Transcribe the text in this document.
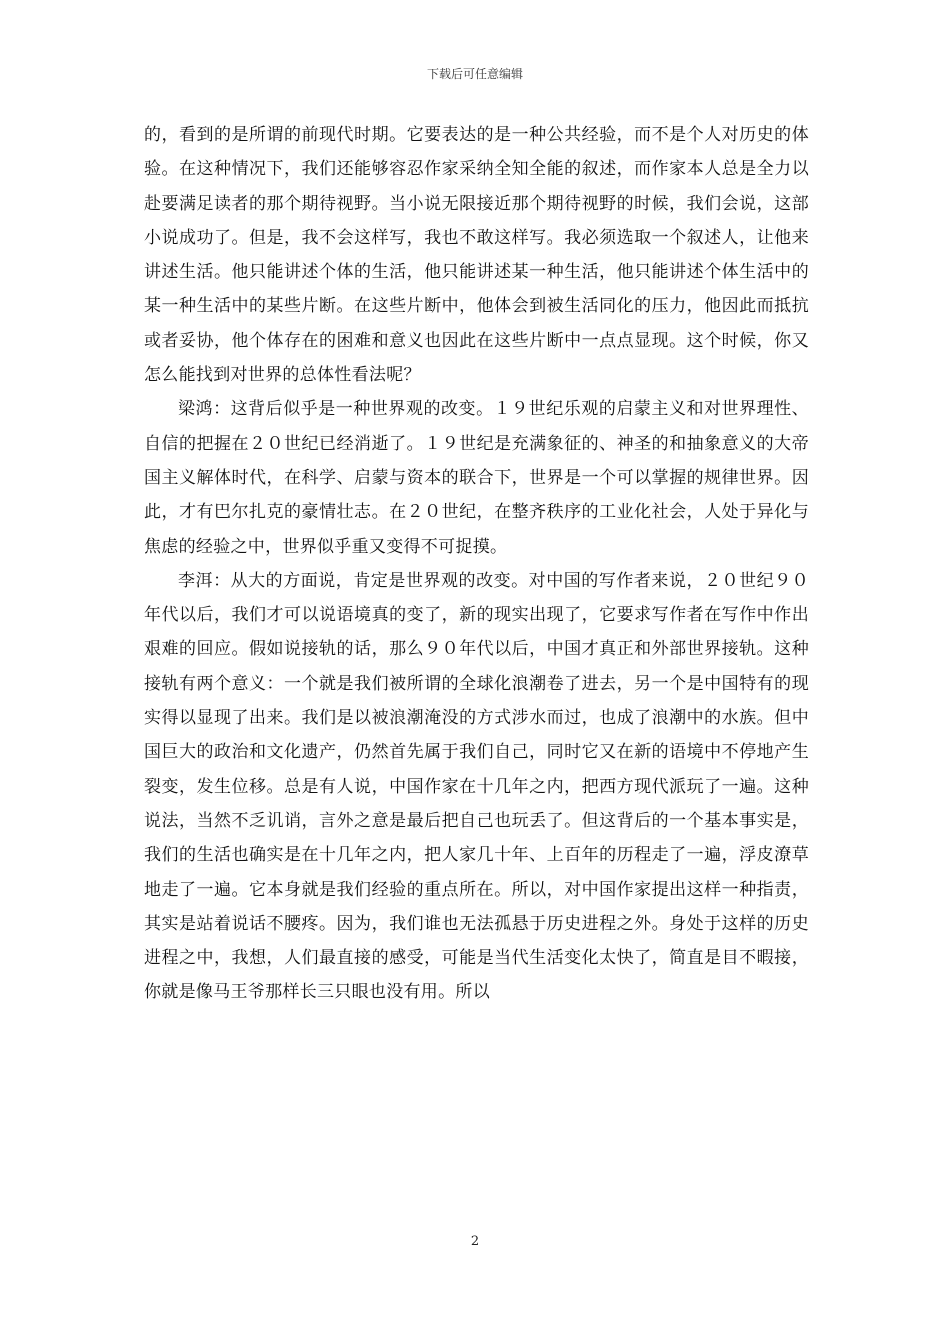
下载后可任意编辑

的，看到的是所谓的前现代时期。它要表达的是一种公共经验，而不是个人对历史的体验。在这种情况下，我们还能够容忍作家采纳全知全能的叙述，而作家本人总是全力以赴要满足读者的那个期待视野。当小说无限接近那个期待视野的时候，我们会说，这部小说成功了。但是，我不会这样写，我也不敢这样写。我必须选取一个叙述人，让他来讲述生活。他只能讲述个体的生活，他只能讲述某一种生活，他只能讲述个体生活中的某一种生活中的某些片断。在这些片断中，他体会到被生活同化的压力，他因此而抵抗或者妥协，他个体存在的困难和意义也因此在这些片断中一点点显现。这个时候，你又怎么能找到对世界的总体性看法呢？

梁鸿：这背后似乎是一种世界观的改变。１９世纪乐观的启蒙主义和对世界理性、自信的把握在２０世纪已经消逝了。１９世纪是充满象征的、神圣的和抽象意义的大帝国主义解体时代，在科学、启蒙与资本的联合下，世界是一个可以掌握的规律世界。因此，才有巴尔扎克的豪情壮志。在２０世纪，在整齐秩序的工业化社会，人处于异化与焦虑的经验之中，世界似乎重又变得不可捉摸。

李洱：从大的方面说，肯定是世界观的改变。对中国的写作者来说，２０世纪９０年代以后，我们才可以说语境真的变了，新的现实出现了，它要求写作者在写作中作出艰难的回应。假如说接轨的话，那么９０年代以后，中国才真正和外部世界接轨。这种接轨有两个意义：一个就是我们被所谓的全球化浪潮卷了进去，另一个是中国特有的现实得以显现了出来。我们是以被浪潮淹没的方式涉水而过，也成了浪潮中的水族。但中国巨大的政治和文化遗产，仍然首先属于我们自己，同时它又在新的语境中不停地产生裂变，发生位移。总是有人说，中国作家在十几年之内，把西方现代派玩了一遍。这种说法，当然不乏讥诮，言外之意是最后把自己也玩丢了。但这背后的一个基本事实是，我们的生活也确实是在十几年之内，把人家几十年、上百年的历程走了一遍，浮皮潦草地走了一遍。它本身就是我们经验的重点所在。所以，对中国作家提出这样一种指责，其实是站着说话不腰疼。因为，我们谁也无法孤悬于历史进程之外。身处于这样的历史进程之中，我想，人们最直接的感受，可能是当代生活变化太快了，简直是目不暇接，你就是像马王爷那样长三只眼也没有用。所以

2
